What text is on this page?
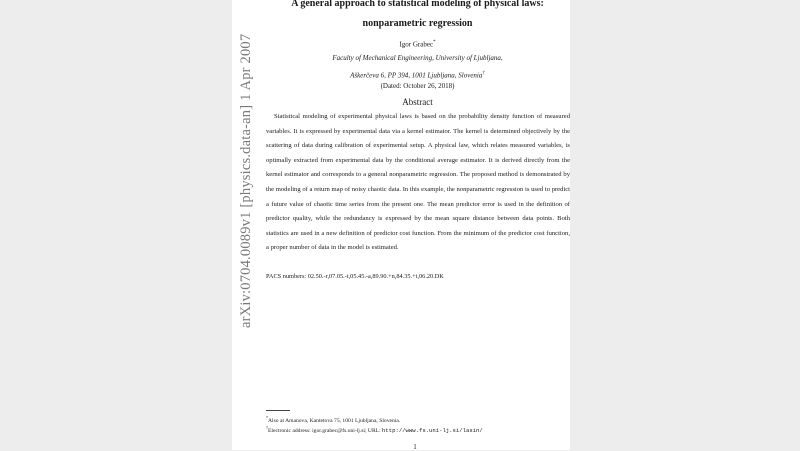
arXiv:0704.0089v1 [physics.data-an] 1 Apr 2007
A general approach to statistical modeling of physical laws:
nonparametric regression
Igor Grabec*
Faculty of Mechanical Engineering, University of Ljubljana,
Aškerčeva 6, PP 394, 1001 Ljubljana, Slovenia†
(Dated: October 26, 2018)
Abstract
Statistical modeling of experimental physical laws is based on the probability density function of measured variables. It is expressed by experimental data via a kernel estimator. The kernel is determined objectively by the scattering of data during calibration of experimental setup. A physical law, which relates measured variables, is optimally extracted from experimental data by the conditional average estimator. It is derived directly from the kernel estimator and corresponds to a general nonparametric regression. The proposed method is demonstrated by the modeling of a return map of noisy chaotic data. In this example, the nonparametric regression is used to predict a future value of chaotic time series from the present one. The mean predictor error is used in the definition of predictor quality, while the redundancy is expressed by the mean square distance between data points. Both statistics are used in a new definition of predictor cost function. From the minimum of the predictor cost function, a proper number of data in the model is estimated.
PACS numbers: 02.50.-r,07.05.-t,05.45.-a,89.90.+n,84.35.+i,06.20.DK
*Also at Amanova, Kantetova 75, 1001 Ljubljana, Slovenia.
†Electronic address: igor.grabec@fs.uni-lj.si; URL: http://www.fs.uni-lj.si/lasin/
1
